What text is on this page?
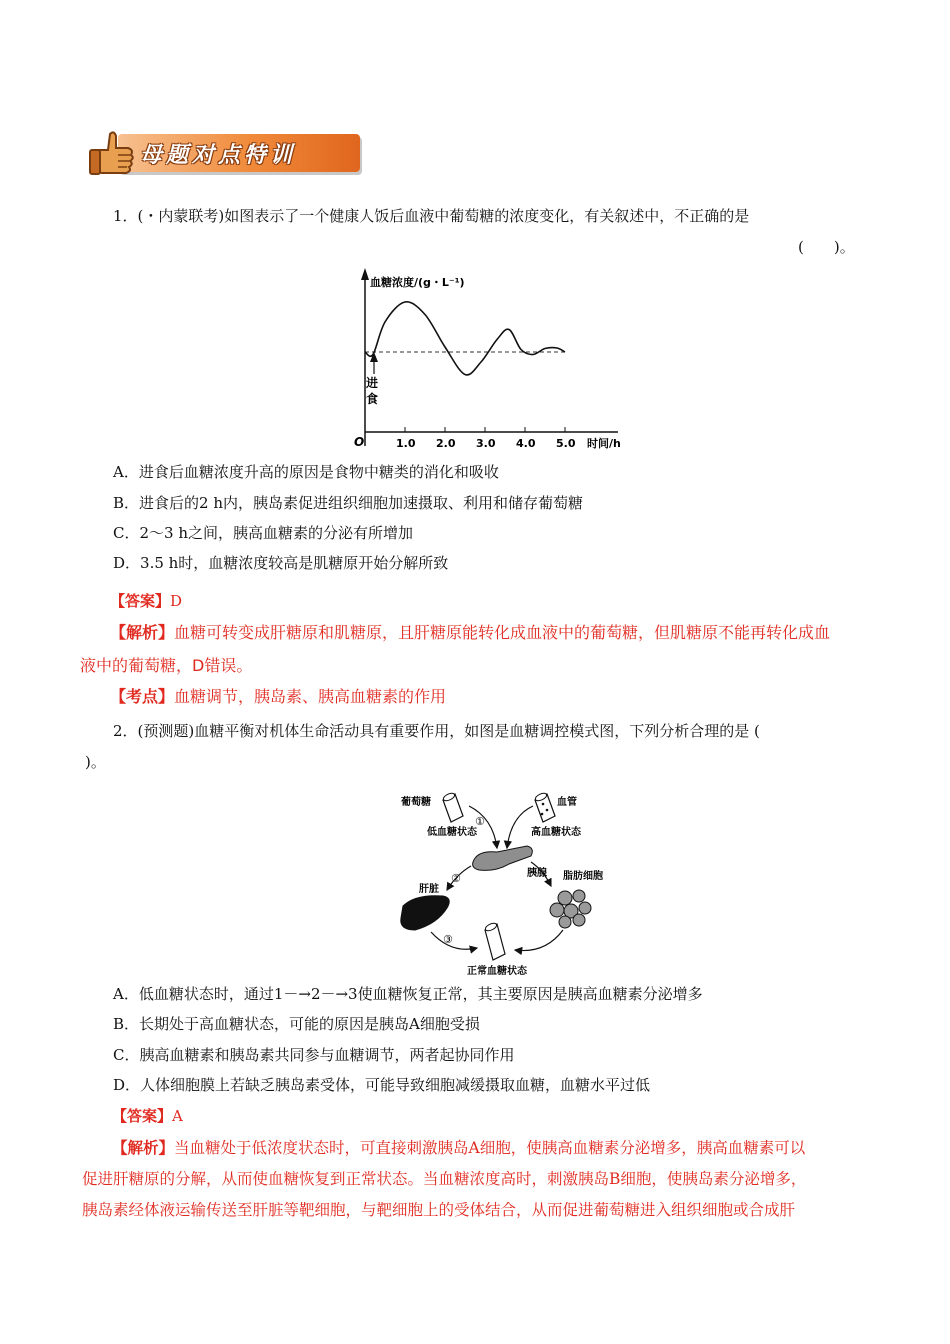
母题对点特训
1．(・内蒙联考)如图表示了一个健康人饭后血液中葡萄糖的浓度变化，有关叙述中，不正确的是
(　　)。
血糖浓度/(g・L⁻¹)
O	时间/h
1.0 2.0 3.0 4.0 5.0
进
食
A．进食后血糖浓度升高的原因是食物中糖类的消化和吸收
B．进食后的2 h内，胰岛素促进组织细胞加速摄取、利用和储存葡萄糖
C．2～3 h之间，胰高血糖素的分泌有所增加
D．3.5 h时，血糖浓度较高是肌糖原开始分解所致
【答案】D
【解析】血糖可转变成肝糖原和肌糖原，且肝糖原能转化成血液中的葡萄糖，但肌糖原不能再转化成血
液中的葡萄糖，D错误。
【考点】血糖调节，胰岛素、胰高血糖素的作用
2．(预测题)血糖平衡对机体生命活动具有重要作用，如图是血糖调控模式图，下列分析合理的是 (
)。
葡萄糖	血管
低血糖状态	高血糖状态
①
胰腺 脂肪细胞
②
肝脏
③
正常血糖状态
A．低血糖状态时，通过1－→2－→3使血糖恢复正常，其主要原因是胰高血糖素分泌增多
B．长期处于高血糖状态，可能的原因是胰岛A细胞受损
C．胰高血糖素和胰岛素共同参与血糖调节，两者起协同作用
D．人体细胞膜上若缺乏胰岛素受体，可能导致细胞减缓摄取血糖，血糖水平过低
【答案】A
【解析】当血糖处于低浓度状态时，可直接刺激胰岛A细胞，使胰高血糖素分泌增多，胰高血糖素可以
促进肝糖原的分解，从而使血糖恢复到正常状态。当血糖浓度高时，刺激胰岛B细胞，使胰岛素分泌增多，
胰岛素经体液运输传送至肝脏等靶细胞，与靶细胞上的受体结合，从而促进葡萄糖进入组织细胞或合成肝
